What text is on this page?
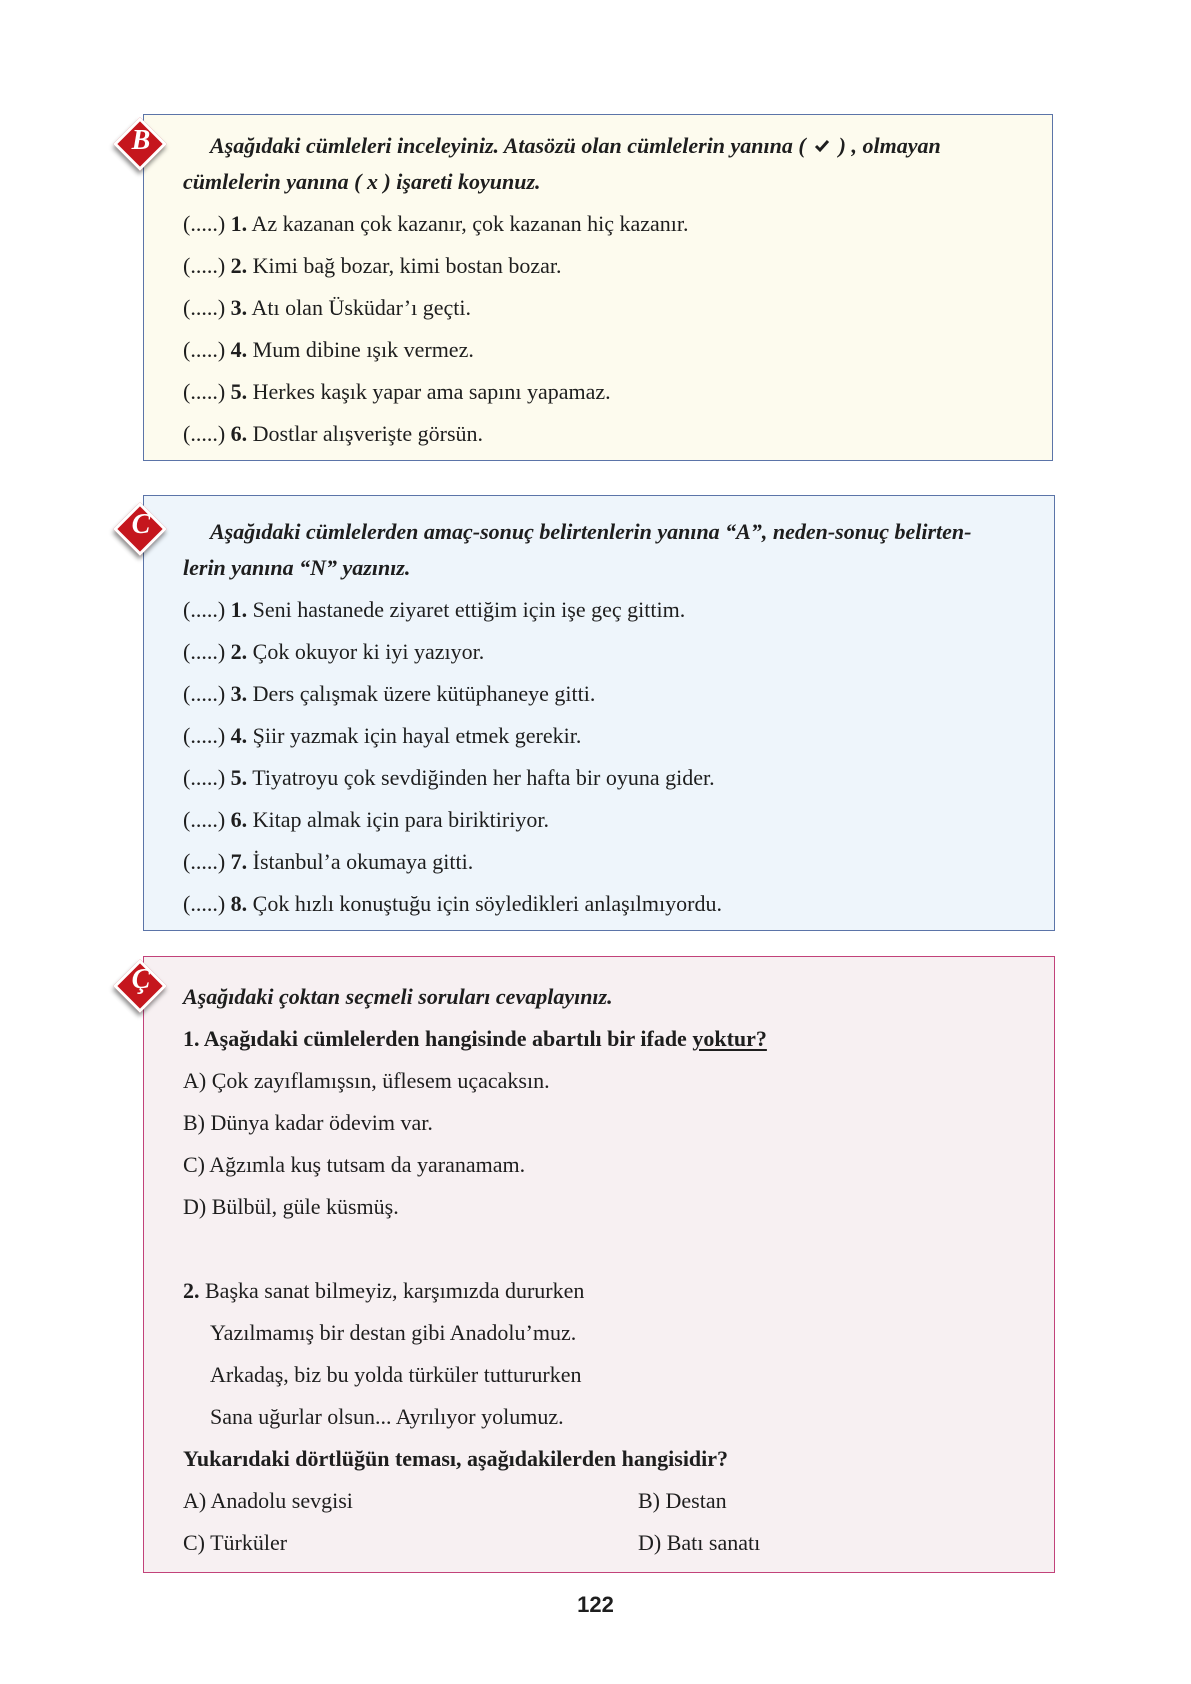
B	Aşağıdaki cümleleri inceleyiniz. Atasözü olan cümlelerin yanına ( ) , olmayan
cümlelerin yanına ( x ) işareti koyunuz.
(.....) 1. Az kazanan çok kazanır, çok kazanan hiç kazanır.
(.....) 2. Kimi bağ bozar, kimi bostan bozar.
(.....) 3. Atı olan Üsküdar’ı geçti.
(.....) 4. Mum dibine ışık vermez.
(.....) 5. Herkes kaşık yapar ama sapını yapamaz.
(.....) 6. Dostlar alışverişte görsün.
C	Aşağıdaki cümlelerden amaç-sonuç belirtenlerin yanına “A”, neden-sonuç belirten-
lerin yanına “N” yazınız.
(.....) 1. Seni hastanede ziyaret ettiğim için işe geç gittim.
(.....) 2. Çok okuyor ki iyi yazıyor.
(.....) 3. Ders çalışmak üzere kütüphaneye gitti.
(.....) 4. Şiir yazmak için hayal etmek gerekir.
(.....) 5. Tiyatroyu çok sevdiğinden her hafta bir oyuna gider.
(.....) 6. Kitap almak için para biriktiriyor.
(.....) 7. İstanbul’a okumaya gitti.
(.....) 8. Çok hızlı konuştuğu için söyledikleri anlaşılmıyordu.
Ç
Aşağıdaki çoktan seçmeli soruları cevaplayınız.
1. Aşağıdaki cümlelerden hangisinde abartılı bir ifade yoktur?
A) Çok zayıflamışsın, üflesem uçacaksın.
B) Dünya kadar ödevim var.
C) Ağzımla kuş tutsam da yaranamam.
D) Bülbül, güle küsmüş.
2. Başka sanat bilmeyiz, karşımızda dururken
Yazılmamış bir destan gibi Anadolu’muz.
Arkadaş, biz bu yolda türküler tuttururken
Sana uğurlar olsun... Ayrılıyor yolumuz.
Yukarıdaki dörtlüğün teması, aşağıdakilerden hangisidir?
A) Anadolu sevgisi	B) Destan
C) Türküler	D) Batı sanatı
122
